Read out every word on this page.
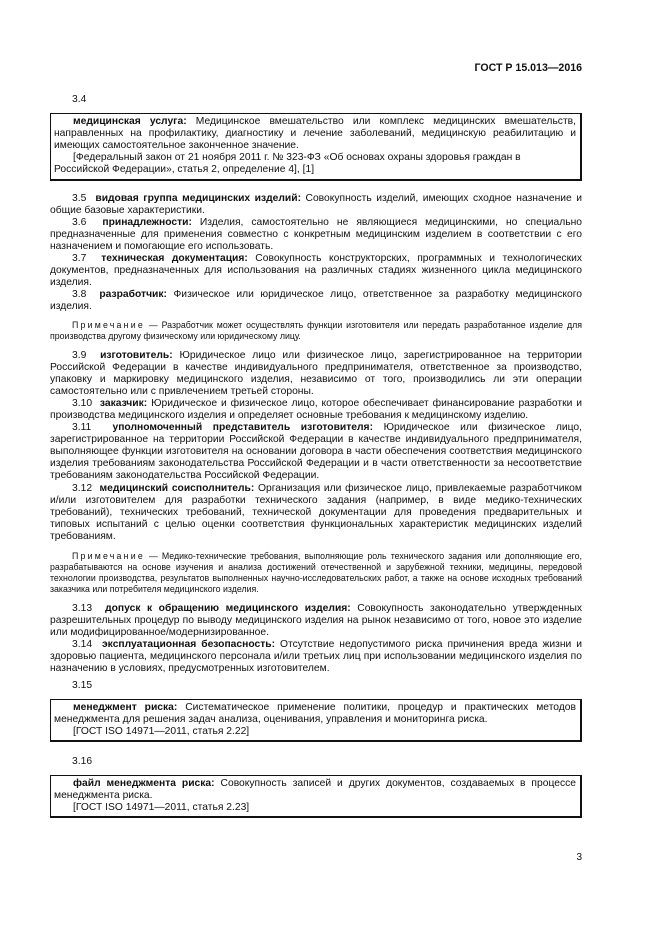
ГОСТ Р 15.013—2016
3.4

медицинская услуга: Медицинское вмешательство или комплекс медицинских вмешательств, направленных на профилактику, диагностику и лечение заболеваний, медицинскую реабилитацию и имеющих самостоятельное законченное значение.

[Федеральный закон от 21 ноября 2011 г. № 323-ФЗ «Об основах охраны здоровья граждан в Российской Федерации», статья 2, определение 4], [1]

3.5 видовая группа медицинских изделий: Совокупность изделий, имеющих сходное назначение и общие базовые характеристики.

3.6 принадлежности: Изделия, самостоятельно не являющиеся медицинскими, но специально предназначенные для применения совместно с конкретным медицинским изделием в соответствии с его назначением и помогающие его использовать.

3.7 техническая документация: Совокупность конструкторских, программных и технологических документов, предназначенных для использования на различных стадиях жизненного цикла медицинского изделия.

3.8 разработчик: Физическое или юридическое лицо, ответственное за разработку медицинского изделия.

Примечание — Разработчик может осуществлять функции изготовителя или передать разработанное изделие для производства другому физическому или юридическому лицу.

3.9 изготовитель: Юридическое лицо или физическое лицо, зарегистрированное на территории Российской Федерации в качестве индивидуального предпринимателя, ответственное за производство, упаковку и маркировку медицинского изделия, независимо от того, производились ли эти операции самостоятельно или с привлечением третьей стороны.

3.10 заказчик: Юридическое и физическое лицо, которое обеспечивает финансирование разработки и производства медицинского изделия и определяет основные требования к медицинскому изделию.

3.11 уполномоченный представитель изготовителя: Юридическое или физическое лицо, зарегистрированное на территории Российской Федерации в качестве индивидуального предпринимателя, выполняющее функции изготовителя на основании договора в части обеспечения соответствия медицинского изделия требованиям законодательства Российской Федерации и в части ответственности за несоответствие требованиям законодательства Российской Федерации.

3.12 медицинский соисполнитель: Организация или физическое лицо, привлекаемые разработчиком и/или изготовителем для разработки технического задания (например, в виде медико-технических требований), технических требований, технической документации для проведения предварительных и типовых испытаний с целью оценки соответствия функциональных характеристик медицинских изделий требованиям.

Примечание — Медико-технические требования, выполняющие роль технического задания или дополняющие его, разрабатываются на основе изучения и анализа достижений отечественной и зарубежной техники, медицины, передовой технологии производства, результатов выполненных научно-исследовательских работ, а также на основе исходных требований заказчика или потребителя медицинского изделия.

3.13 допуск к обращению медицинского изделия: Совокупность законодательно утвержденных разрешительных процедур по выводу медицинского изделия на рынок независимо от того, новое это изделие или модифицированное/модернизированное.

3.14 эксплуатационная безопасность: Отсутствие недопустимого риска причинения вреда жизни и здоровью пациента, медицинского персонала и/или третьих лиц при использовании медицинского изделия по назначению в условиях, предусмотренных изготовителем.

3.15

менеджмент риска: Систематическое применение политики, процедур и практических методов менеджмента для решения задач анализа, оценивания, управления и мониторинга риска.

[ГОСТ ISO 14971—2011, статья 2.22]

3.16

файл менеджмента риска: Совокупность записей и других документов, создаваемых в процессе менеджмента риска.

[ГОСТ ISO 14971—2011, статья 2.23]

3
